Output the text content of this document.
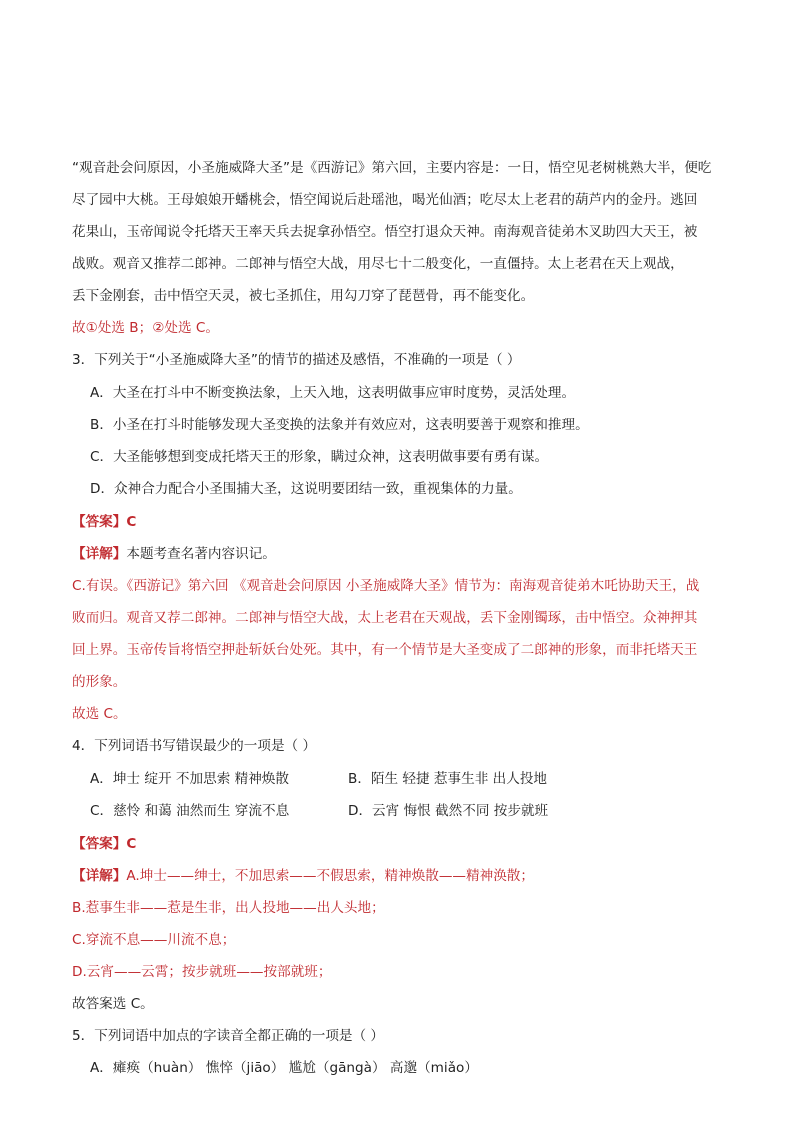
“观音赴会问原因，小圣施威降大圣”是《西游记》第六回，主要内容是：一日，悟空见老树桃熟大半，便吃
尽了园中大桃。王母娘娘开蟠桃会，悟空闻说后赴瑶池，喝光仙酒；吃尽太上老君的葫芦内的金丹。逃回
花果山，玉帝闻说令托塔天王率天兵去捉拿孙悟空。悟空打退众天神。南海观音徒弟木叉助四大天王，被
战败。观音又推荐二郎神。二郎神与悟空大战，用尽七十二般变化，一直僵持。太上老君在天上观战，
丢下金刚套，击中悟空天灵，被七圣抓住，用勾刀穿了琵琶骨，再不能变化。
故①处选 B；②处选 C。
3．下列关于“小圣施威降大圣”的情节的描述及感悟，不准确的一项是（ ）
A．大圣在打斗中不断变换法象，上天入地，这表明做事应审时度势，灵活处理。
B．小圣在打斗时能够发现大圣变换的法象并有效应对，这表明要善于观察和推理。
C．大圣能够想到变成托塔天王的形象，瞒过众神，这表明做事要有勇有谋。
D．众神合力配合小圣围捕大圣，这说明要团结一致，重视集体的力量。
【答案】C
【详解】本题考查名著内容识记。
C.有误。《西游记》第六回 《观音赴会问原因 小圣施威降大圣》情节为：南海观音徒弟木吒协助天王，战
败而归。观音又荐二郎神。二郎神与悟空大战，太上老君在天观战，丢下金刚镯琢，击中悟空。众神押其
回上界。玉帝传旨将悟空押赴斩妖台处死。其中，有一个情节是大圣变成了二郎神的形象，而非托塔天王
的形象。
故选 C。
4．下列词语书写错误最少的一项是（ ）
A．坤士 绽开 不加思索 精神焕散	B．陌生 轻捷 惹事生非 出人投地
C．慈怜 和蔼 油然而生 穿流不息	D．云宵 悔恨 截然不同 按步就班
【答案】C
【详解】A.坤士——绅士，不加思索——不假思索，精神焕散——精神涣散；
B.惹事生非——惹是生非，出人投地——出人头地；
C.穿流不息——川流不息；
D.云宵——云霄；按步就班——按部就班；
故答案选 C。
5．下列词语中加点的字读音全都正确的一项是（ ）
A．瘫痪（huàn） 憔悴（jiāo） 尴尬（gāngà） 高邈（miǎo）
